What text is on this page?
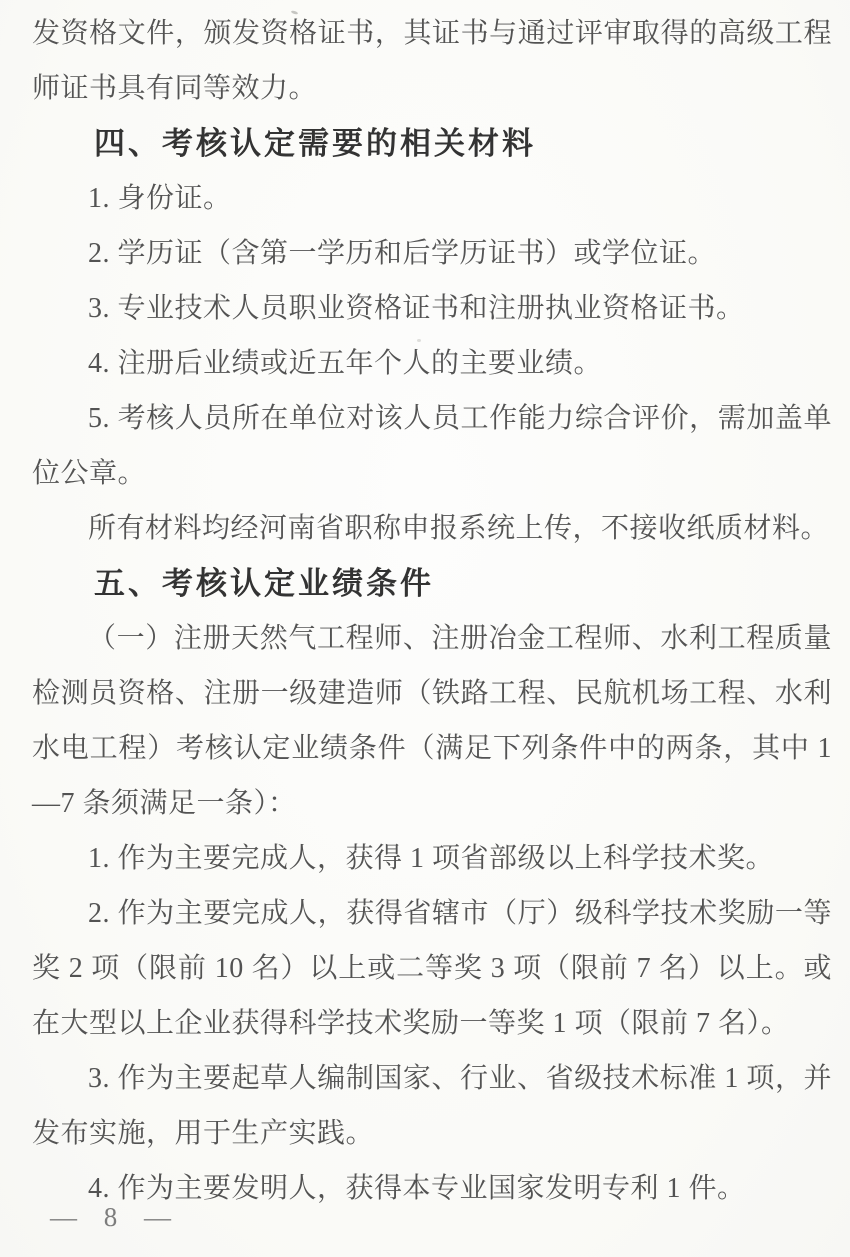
发资格文件，颁发资格证书，其证书与通过评审取得的高级工程师证书具有同等效力。

四、考核认定需要的相关材料

1. 身份证。

2. 学历证（含第一学历和后学历证书）或学位证。

3. 专业技术人员职业资格证书和注册执业资格证书。

4. 注册后业绩或近五年个人的主要业绩。

5. 考核人员所在单位对该人员工作能力综合评价，需加盖单位公章。

所有材料均经河南省职称申报系统上传，不接收纸质材料。

五、考核认定业绩条件

（一）注册天然气工程师、注册冶金工程师、水利工程质量检测员资格、注册一级建造师（铁路工程、民航机场工程、水利水电工程）考核认定业绩条件（满足下列条件中的两条，其中 1—7 条须满足一条）：

1. 作为主要完成人，获得 1 项省部级以上科学技术奖。

2. 作为主要完成人，获得省辖市（厅）级科学技术奖励一等奖 2 项（限前 10 名）以上或二等奖 3 项（限前 7 名）以上。或在大型以上企业获得科学技术奖励一等奖 1 项（限前 7 名）。

3. 作为主要起草人编制国家、行业、省级技术标准 1 项，并发布实施，用于生产实践。

4. 作为主要发明人，获得本专业国家发明专利 1 件。

— 8 —
